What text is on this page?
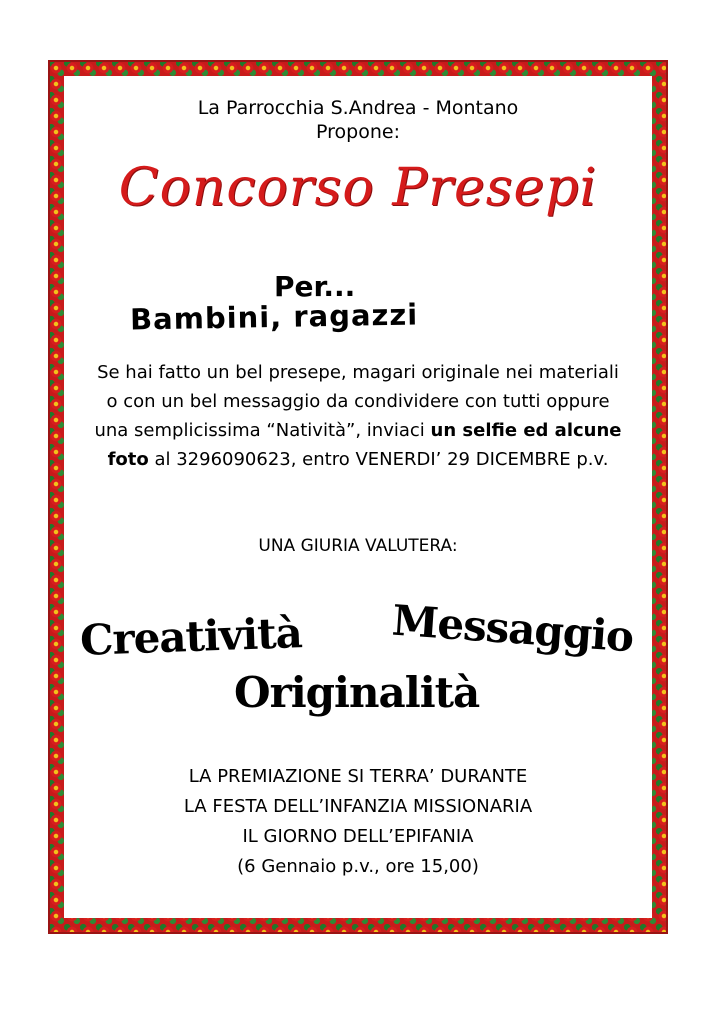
La Parrocchia S.Andrea - Montano
Propone:
Concorso Presepi
Per...
Bambini, ragazzi
Se hai fatto un bel presepe, magari originale nei materiali o con un bel messaggio da condividere con tutti oppure una semplicissima “Natività”, inviaci un selfie ed alcune foto al 3296090623, entro VENERDI’ 29 DICEMBRE p.v.
UNA GIURIA VALUTERA:
Creatività Messaggio
Originalità
LA PREMIAZIONE SI TERRA’ DURANTE
LA FESTA DELL’INFANZIA MISSIONARIA
IL GIORNO DELL’EPIFANIA
(6 Gennaio p.v., ore 15,00)
